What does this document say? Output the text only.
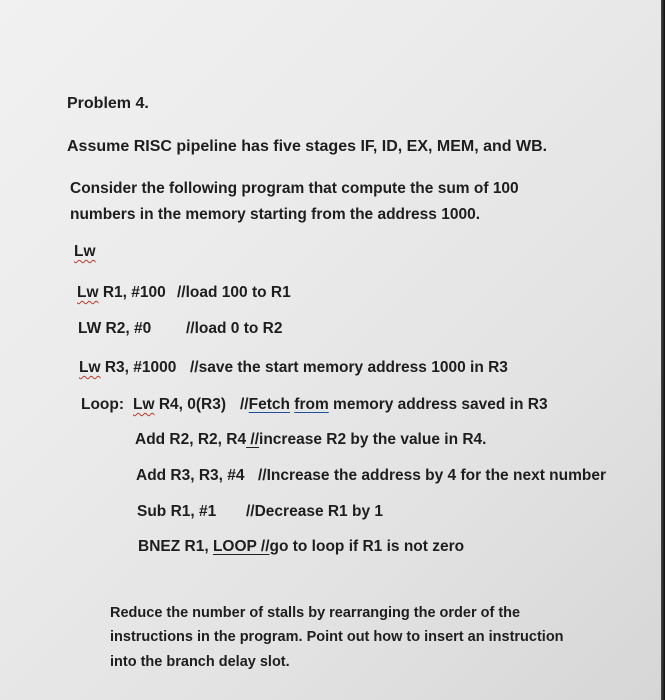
Problem 4.
Assume RISC pipeline has five stages IF, ID, EX, MEM, and WB.
Consider the following program that compute the sum of 100
numbers in the memory starting from the address 1000.
Lw
Lw R1, #100 //load 100 to R1
LW R2, #0 //load 0 to R2
Lw R3, #1000 //save the start memory address 1000 in R3
Loop: Lw R4, 0(R3) //Fetch from memory address saved in R3
Add R2, R2, R4 //increase R2 by the value in R4.
Add R3, R3, #4 //Increase the address by 4 for the next number
Sub R1, #1 //Decrease R1 by 1
BNEZ R1, LOOP //go to loop if R1 is not zero
Reduce the number of stalls by rearranging the order of the
instructions in the program. Point out how to insert an instruction
into the branch delay slot.
